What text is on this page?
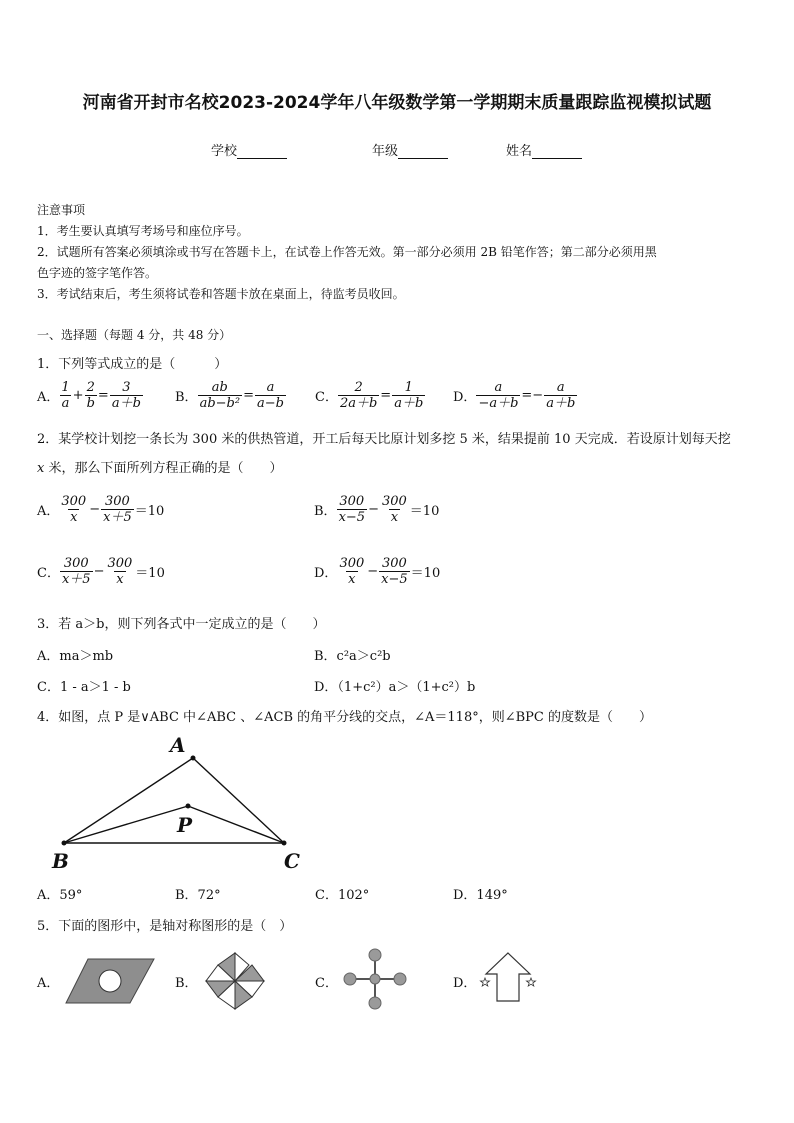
河南省开封市名校2023-2024学年八年级数学第一学期期末质量跟踪监视模拟试题
学校	年级	姓名
注意事项
1．考生要认真填写考场号和座位序号。
2．试题所有答案必须填涂或书写在答题卡上，在试卷上作答无效。第一部分必须用 2B 铅笔作答；第二部分必须用黑
色字迹的签字笔作答。
3．考试结束后，考生须将试卷和答题卡放在桌面上，待监考员收回。
一、选择题（每题 4 分，共 48 分）
1．下列等式成立的是（　　　）
A． $\frac{1}{a} + \frac{2}{b} = \frac{3}{a+b}$ B． $\frac{ab}{\text{ab−b²}} = \frac{a}{a-b}$ C． $\frac{2}{2a+b} = \frac{1}{a+b}$ D． $\frac{a}{-a+b} =- \frac{a}{a+b}$
2．某学校计划挖一条长为 300 米的供热管道，开工后每天比原计划多挖 5 米，结果提前 10 天完成．若设原计划每天挖
x 米，那么下面所列方程正确的是（　　）
A． $\frac{300}{x} - \frac{300}{x+5} =10$	B． $\frac{300}{x-5} - \frac{300}{x} =10$
C． $\frac{300}{x+5} - \frac{300}{x} =10$	D． $\frac{300}{x} - \frac{300}{x-5} =10$
3．若 a＞b，则下列各式中一定成立的是（　　）
A．ma＞mb	B．c²a＞c²b
C．1 - a＞1 - b	D．（1+c²）a＞（1+c²）b
4．如图，点 P 是∨ABC 中∠ABC 、∠ACB 的角平分线的交点，∠A＝118°，则∠BPC 的度数是（　　）
A
B	C
P
A．59°	B．72°	C．102°	D．149°
5．下面的图形中，是轴对称图形的是（　）
A．	B．	C．	D．
